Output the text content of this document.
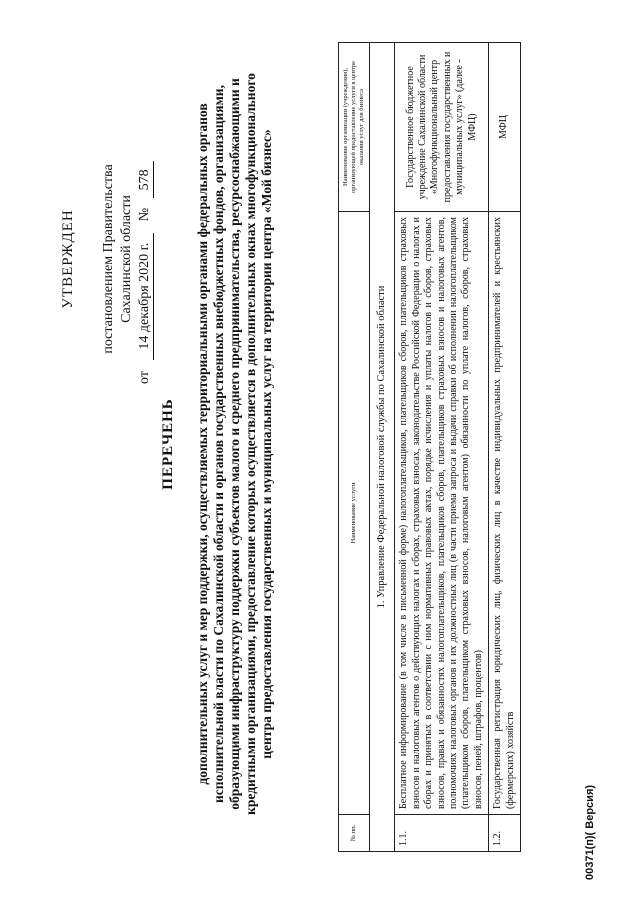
УТВЕРЖДЕН постановлением Правительства Сахалинской области
от 14 декабря 2020 г. № 578
ПЕРЕЧЕНЬ дополнительных услуг и мер поддержки, осуществляемых территориальными органами федеральных органов исполнительной власти по Сахалинской области и органов государственных внебюджетных фондов, организациями, образующими инфраструктуру поддержки субъектов малого и среднего предпринимательства, ресурсоснабжающими и кредитными организациями, предоставление которых осуществляется в дополнительных окнах многофункционального центра предоставления государственных и муниципальных услуг на территории центра «Мой бизнес»
№ пп.	Наименование услуги	Наименование организации (учреждения), организующей предоставление услуги в центре оказания услуг для бизнеса
1. Управление Федеральной налоговой службы по Сахалинской области		
1.1.	Бесплатное информирование (в том числе в письменной форме) налогоплательщиков, плательщиков сборов, плательщиков страховых взносов и налоговых агентов о действующих налогах и сборах, страховых взносах, законодательстве Российской Федерации о налогах и сборах и принятых в соответствии с ним нормативных правовых актах, порядке исчисления и уплаты налогов и сборов, страховых взносов, правах и обязанностях налогоплательщиков, плательщиков сборов, плательщиков страховых взносов и налоговых агентов, полномочиях налоговых органов и их должностных лиц (в части приема запроса и выдачи справки об исполнении налогоплательщиком (плательщиком сборов, плательщиком страховых взносов, налоговым агентом) обязанности по уплате налогов, сборов, страховых взносов, пеней, штрафов, процентов)	Государственное бюджетное учреждение Сахалинской области «Многофункциональный центр предоставления государственных и муниципальных услуг» (далее - МФЦ)
1.2.	Государственная регистрация юридических лиц, физических лиц в качестве индивидуальных предпринимателей и крестьянских (фермерских) хозяйств	МФЦ
00371(п)( Версия)
